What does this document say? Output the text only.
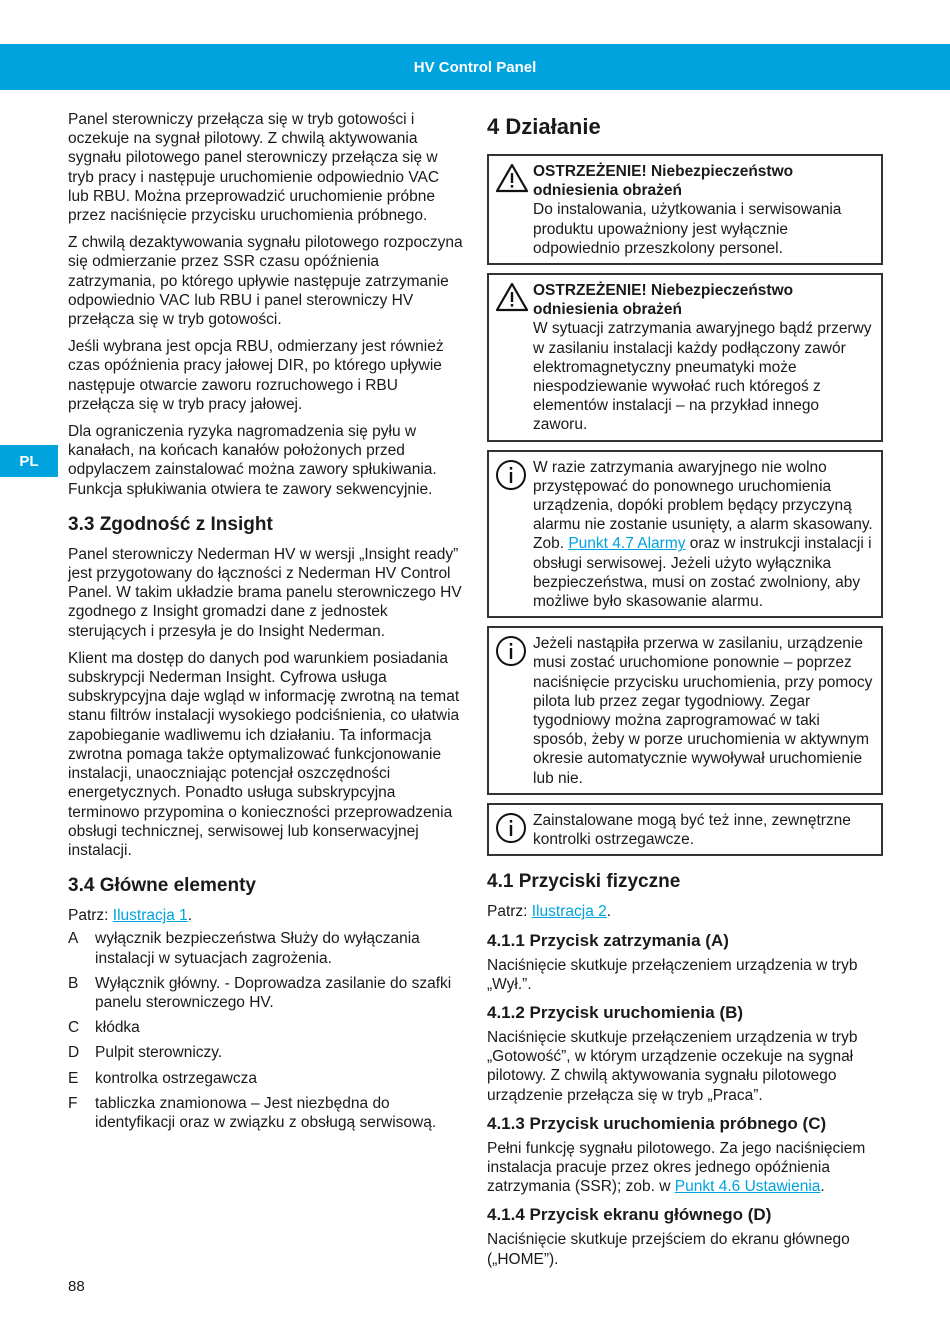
HV Control Panel
PL

Panel sterowniczy przełącza się w tryb gotowości i oczekuje na sygnał pilotowy. Z chwilą aktywowania sygnału pilotowego panel sterowniczy przełącza się w tryb pracy i następuje uruchomienie odpowiednio VAC lub RBU. Można przeprowadzić uruchomienie próbne przez naciśnięcie przycisku uruchomienia próbnego.

Z chwilą dezaktywowania sygnału pilotowego rozpoczyna się odmierzanie przez SSR czasu opóźnienia zatrzymania, po którego upływie następuje zatrzymanie odpowiednio VAC lub RBU i panel sterowniczy HV przełącza się w tryb gotowości.

Jeśli wybrana jest opcja RBU, odmierzany jest również czas opóźnienia pracy jałowej DIR, po którego upływie następuje otwarcie zaworu rozruchowego i RBU przełącza się w tryb pracy jałowej.

Dla ograniczenia ryzyka nagromadzenia się pyłu w kanałach, na końcach kanałów położonych przed odpylaczem zainstalować można zawory spłukiwania. Funkcja spłukiwania otwiera te zawory sekwencyjnie.

3.3 Zgodność z Insight

Panel sterowniczy Nederman HV w wersji „Insight ready” jest przygotowany do łączności z Nederman HV Control Panel. W takim układzie brama panelu sterowniczego HV zgodnego z Insight gromadzi dane z jednostek sterujących i przesyła je do Insight Nederman.

Klient ma dostęp do danych pod warunkiem posiadania subskrypcji Nederman Insight. Cyfrowa usługa subskrypcyjna daje wgląd w informację zwrotną na temat stanu filtrów instalacji wysokiego podciśnienia, co ułatwia zapobieganie wadliwemu ich działaniu. Ta informacja zwrotna pomaga także optymalizować funkcjonowanie instalacji, unaoczniając potencjał oszczędności energetycznych. Ponadto usługa subskrypcyjna terminowo przypomina o konieczności przeprowadzenia obsługi technicznej, serwisowej lub konserwacyjnej instalacji.

3.4 Główne elementy

Patrz: Ilustracja 1.

A	wyłącznik bezpieczeństwa Służy do wyłączania instalacji w sytuacjach zagrożenia.
B	Wyłącznik główny. - Doprowadza zasilanie do szafki panelu sterowniczego HV.
C	kłódka
D	Pulpit sterowniczy.
E	kontrolka ostrzegawcza
F	tabliczka znamionowa – Jest niezbędna do identyfikacji oraz w związku z obsługą serwisową.
4 Działanie
OSTRZEŻENIE! Niebezpieczeństwo odniesienia obrażeń
Do instalowania, użytkowania i serwisowania produktu upoważniony jest wyłącznie odpowiednio przeszkolony personel.
OSTRZEŻENIE! Niebezpieczeństwo odniesienia obrażeń
W sytuacji zatrzymania awaryjnego bądź przerwy w zasilaniu instalacji każdy podłączony zawór elektromagnetyczny pneumatyki może niespodziewanie wywołać ruch któregoś z elementów instalacji – na przykład innego zaworu.
W razie zatrzymania awaryjnego nie wolno przystępować do ponownego uruchomienia urządzenia, dopóki problem będący przyczyną alarmu nie zostanie usunięty, a alarm skasowany. Zob. Punkt 4.7 Alarmy oraz w instrukcji instalacji i obsługi serwisowej. Jeżeli użyto wyłącznika bezpieczeństwa, musi on zostać zwolniony, aby możliwe było skasowanie alarmu.
Jeżeli nastąpiła przerwa w zasilaniu, urządzenie musi zostać uruchomione ponownie – poprzez naciśnięcie przycisku uruchomienia, przy pomocy pilota lub przez zegar tygodniowy. Zegar tygodniowy można zaprogramować w taki sposób, żeby w porze uruchomienia w aktywnym okresie automatycznie wywoływał uruchomienie lub nie.
Zainstalowane mogą być też inne, zewnętrzne kontrolki ostrzegawcze.
4.1 Przyciski fizyczne

Patrz: Ilustracja 2.

4.1.1 Przycisk zatrzymania (A)

Naciśnięcie skutkuje przełączeniem urządzenia w tryb „Wył.”.

4.1.2 Przycisk uruchomienia (B)

Naciśnięcie skutkuje przełączeniem urządzenia w tryb „Gotowość”, w którym urządzenie oczekuje na sygnał pilotowy. Z chwilą aktywowania sygnału pilotowego urządzenie przełącza się w tryb „Praca”.

4.1.3 Przycisk uruchomienia próbnego (C)

Pełni funkcję sygnału pilotowego. Za jego naciśnięciem instalacja pracuje przez okres jednego opóźnienia zatrzymania (SSR); zob. w Punkt 4.6 Ustawienia.

4.1.4 Przycisk ekranu głównego (D)

Naciśnięcie skutkuje przejściem do ekranu głównego („HOME”).

88
